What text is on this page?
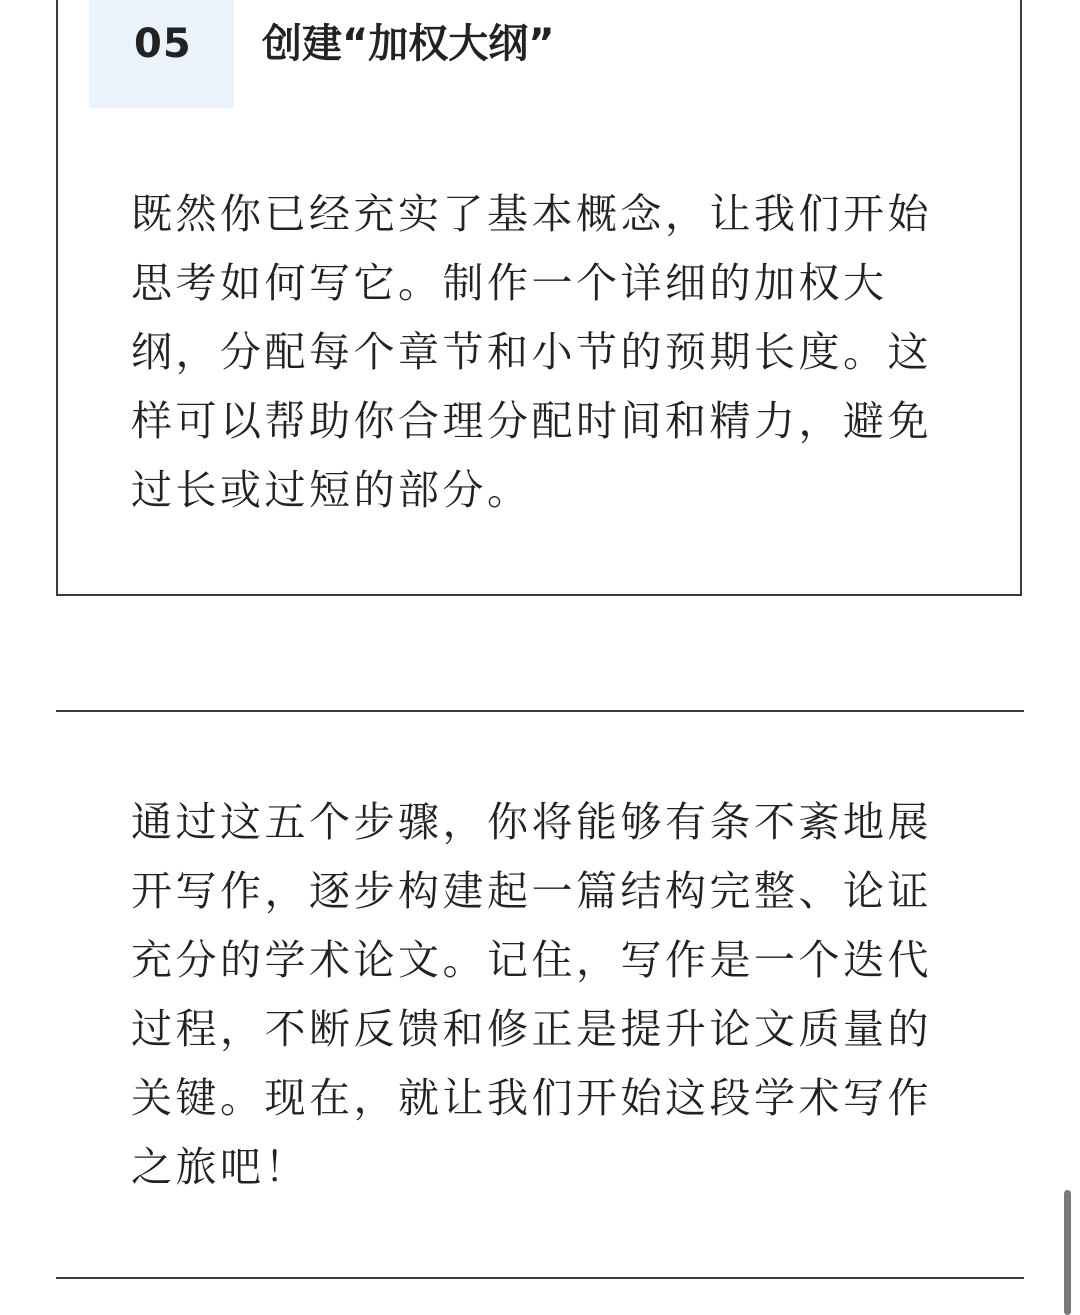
05 创建“加权大纲”

既然你已经充实了基本概念，让我们开始思考如何写它。制作一个详细的加权大纲，分配每个章节和小节的预期长度。这样可以帮助你合理分配时间和精力，避免过长或过短的部分。

通过这五个步骤，你将能够有条不紊地展开写作，逐步构建起一篇结构完整、论证充分的学术论文。记住，写作是一个迭代过程，不断反馈和修正是提升论文质量的关键。现在，就让我们开始这段学术写作之旅吧！
